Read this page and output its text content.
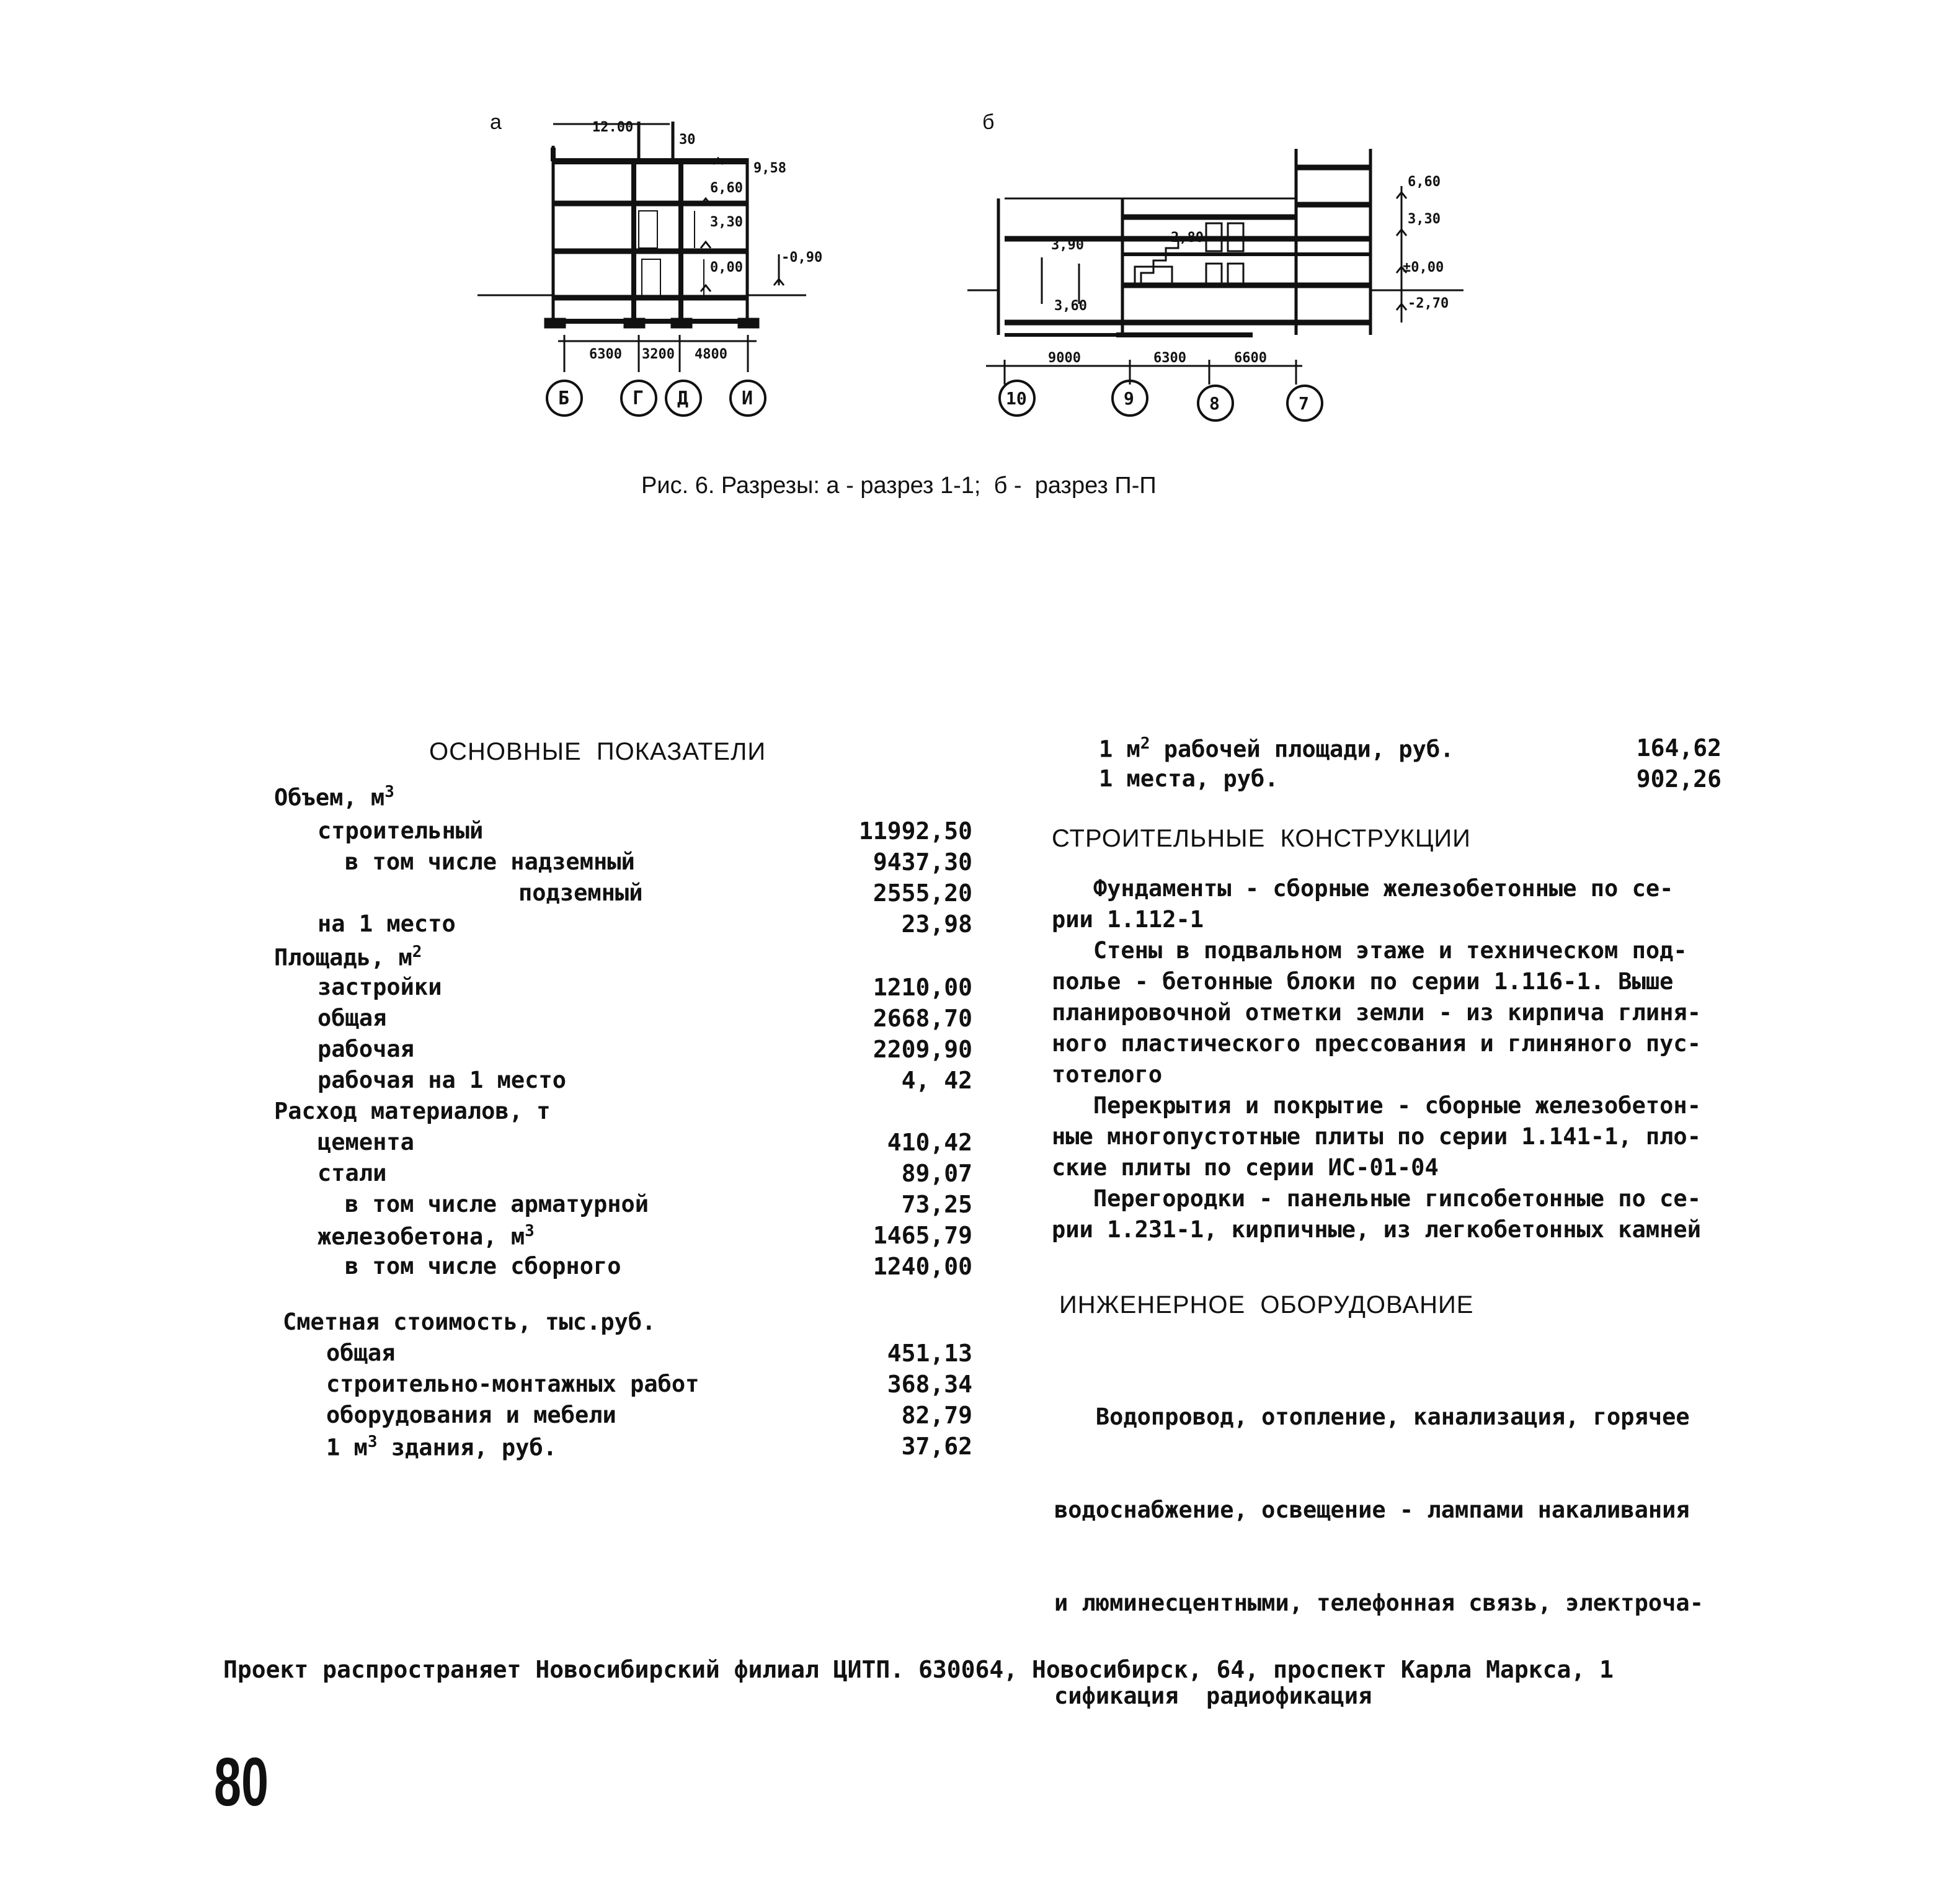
а	б
12.00
30
9,58
6,60
3,30
0,00
-0,90
6300 3200 4800
Б	Г Д	И
6,60
3,30
±0,00
-2,70
3,90	2,80
3,60
9000	6300	6600
10	9	8	7
Рис. 6. Разрезы: а - разрез 1-1;  б -  разрез П-П
ОСНОВНЫЕ  ПОКАЗАТЕЛИ
Объем, $м^3$
строительный	11992,50
в том числе надземный	9437,30
подземный	2555,20
на 1 место	23,98
Площадь, $м^2$
застройки	1210,00
общая	2668,70
рабочая	2209,90
рабочая на 1 место	4, 42
Расход материалов, т
цемента	410,42
стали	89,07
в том числе арматурной	73,25
железобетона, $м^3$	1465,79
в том числе сборного	1240,00
Сметная стоимость, тыс.руб.
общая	451,13
строительно-монтажных работ	368,34
оборудования и мебели	82,79
1 $м^3$ здания, руб.	37,62
1 $м^2$ рабочей площади, руб.	164,62
1 места, руб.	902,26
СТРОИТЕЛЬНЫЕ  КОНСТРУКЦИИ
Фундаменты - сборные железобетонные по се-
рии 1.112-1
Стены в подвальном этаже и техническом под-
полье - бетонные блоки по серии 1.116-1. Выше
планировочной отметки земли - из кирпича глиня-
ного пластического прессования и глиняного пус-
тотелого
Перекрытия и покрытие - сборные железобетон-
ные многопустотные плиты по серии 1.141-1, пло-
ские плиты по серии ИС-01-04
Перегородки - панельные гипсобетонные по се-
рии 1.231-1, кирпичные, из легкобетонных камней
ИНЖЕНЕРНОЕ  ОБОРУДОВАНИЕ

Водопровод, отопление, канализация, горячее

водоснабжение, освещение - лампами накаливания

и люминесцентными, телефонная связь, электроча-

сификация  радиофикация

Проект распространяет Новосибирский филиал ЦИТП. 630064, Новосибирск, 64, проспект Карла Маркса, 1
80
